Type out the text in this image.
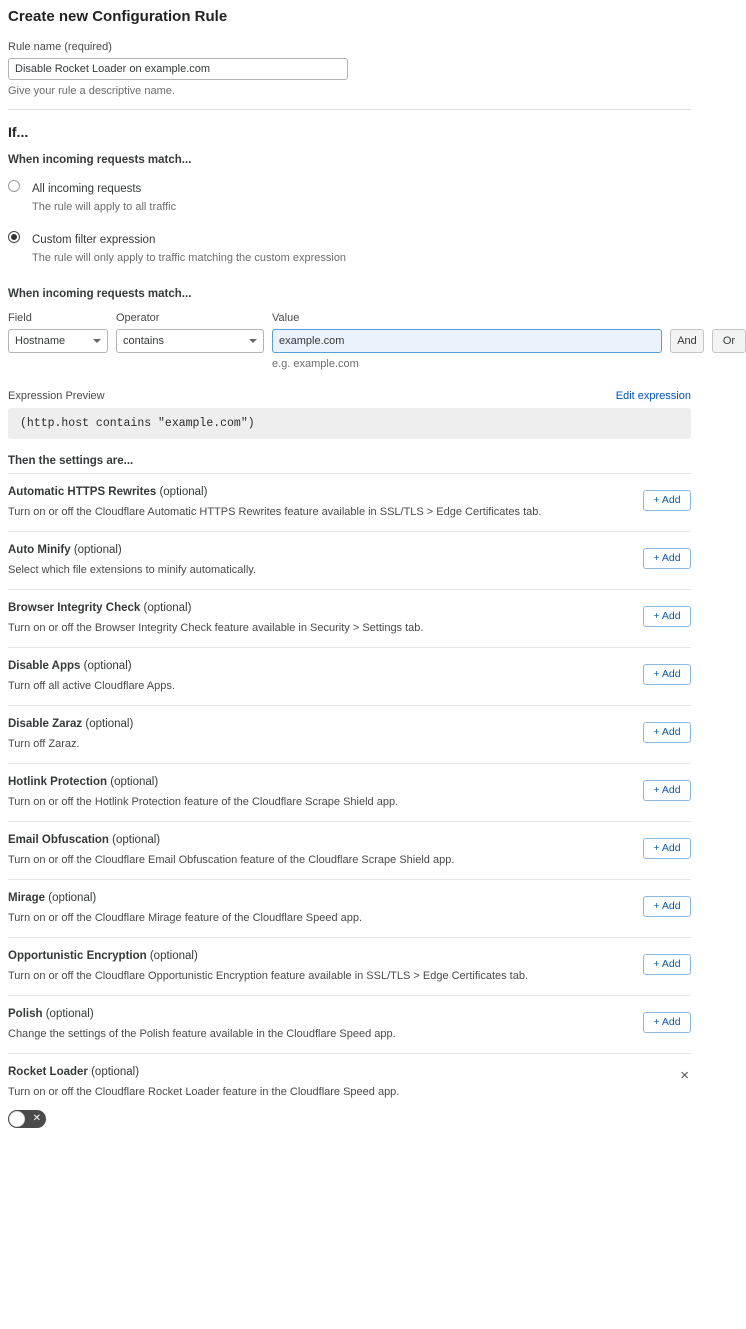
Create new Configuration Rule
Rule name (required)
Disable Rocket Loader on example.com
Give your rule a descriptive name.
If...
When incoming requests match...
All incoming requests
The rule will apply to all traffic
Custom filter expression
The rule will only apply to traffic matching the custom expression
When incoming requests match...
Field
Hostname
Operator
contains
Value
example.com
e.g. example.com
And	Or
Expression Preview	Edit expression
(http.host contains "example.com")
Then the settings are...
Automatic HTTPS Rewrites (optional)
Turn on or off the Cloudflare Automatic HTTPS Rewrites feature available in SSL/TLS > Edge Certificates tab.
+ Add
Auto Minify (optional)
Select which file extensions to minify automatically.
+ Add
Browser Integrity Check (optional)
Turn on or off the Browser Integrity Check feature available in Security > Settings tab.
+ Add
Disable Apps (optional)
Turn off all active Cloudflare Apps.
+ Add
Disable Zaraz (optional)
Turn off Zaraz.
+ Add
Hotlink Protection (optional)
Turn on or off the Hotlink Protection feature of the Cloudflare Scrape Shield app.
+ Add
Email Obfuscation (optional)
Turn on or off the Cloudflare Email Obfuscation feature of the Cloudflare Scrape Shield app.
+ Add
Mirage (optional)
Turn on or off the Cloudflare Mirage feature of the Cloudflare Speed app.
+ Add
Opportunistic Encryption (optional)
Turn on or off the Cloudflare Opportunistic Encryption feature available in SSL/TLS > Edge Certificates tab.
+ Add
Polish (optional)
Change the settings of the Polish feature available in the Cloudflare Speed app.
+ Add
Rocket Loader (optional)
Turn on or off the Cloudflare Rocket Loader feature in the Cloudflare Speed app.
×
✕
